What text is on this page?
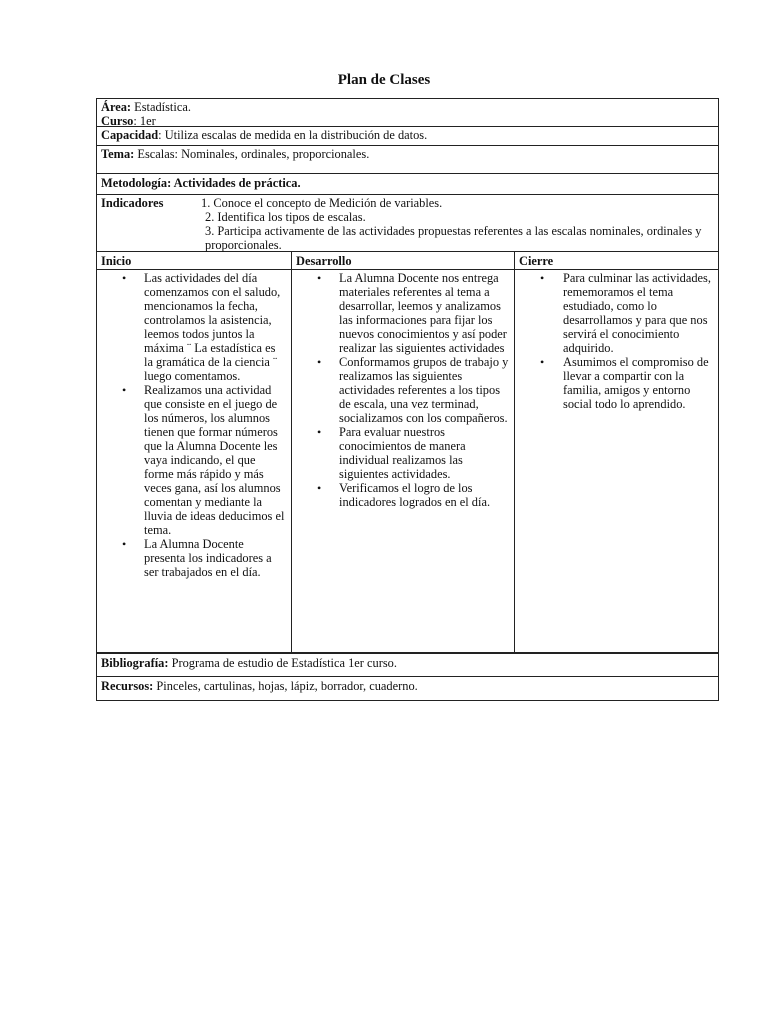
Plan de Clases
Área: Estadística.
Curso: 1er
Capacidad: Utiliza escalas de medida en la distribución de datos.
Tema: Escalas: Nominales, ordinales, proporcionales.
Metodología: Actividades de práctica.
Indicadores	1. Conoce el concepto de Medición de variables.
2. Identifica los tipos de escalas.
3. Participa activamente de las actividades propuestas referentes a las escalas nominales, ordinales y proporcionales.
Inicio
• Las actividades del día comenzamos con el saludo, mencionamos la fecha, controlamos la asistencia, leemos todos juntos la máxima ¨ La estadística es la gramática de la ciencia ¨ luego comentamos.
• Realizamos una actividad que consiste en el juego de los números, los alumnos tienen que formar números que la Alumna Docente les vaya indicando, el que forme más rápido y más veces gana, así los alumnos comentan y mediante la lluvia de ideas deducimos el tema.
• La Alumna Docente presenta los indicadores a ser trabajados en el día.
Desarrollo
• La Alumna Docente nos entrega materiales referentes al tema a desarrollar, leemos y analizamos las informaciones para fijar los nuevos conocimientos y así poder realizar las siguientes actividades
• Conformamos grupos de trabajo y realizamos las siguientes actividades referentes a los tipos de escala, una vez terminad, socializamos con los compañeros.
• Para evaluar nuestros conocimientos de manera individual realizamos las siguientes actividades.
• Verificamos el logro de los indicadores logrados en el día.
Cierre
• Para culminar las actividades, rememoramos el tema estudiado, como lo desarrollamos y para que nos servirá el conocimiento adquirido.
• Asumimos el compromiso de llevar a compartir con la familia, amigos y entorno social todo lo aprendido.
Bibliografía: Programa de estudio de Estadística 1er curso.
Recursos: Pinceles, cartulinas, hojas, lápiz, borrador, cuaderno.
